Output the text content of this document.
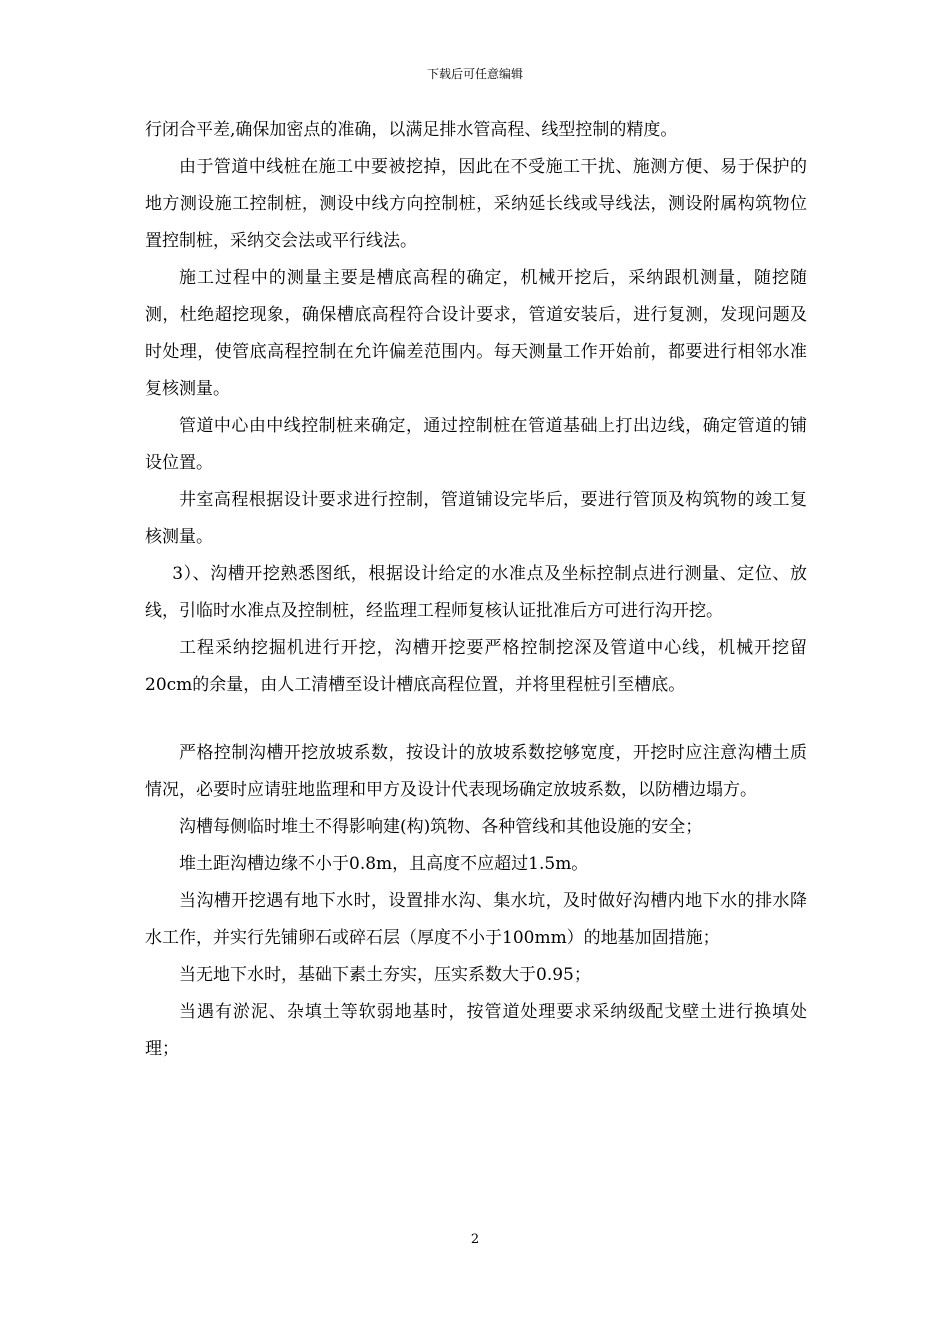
下载后可任意编辑

行闭合平差,确保加密点的准确，以满足排水管高程、线型控制的精度。

由于管道中线桩在施工中要被挖掉，因此在不受施工干扰、施测方便、易于保护的地方测设施工控制桩，测设中线方向控制桩，采纳延长线或导线法，测设附属构筑物位置控制桩，采纳交会法或平行线法。

施工过程中的测量主要是槽底高程的确定，机械开挖后，采纳跟机测量，随挖随测，杜绝超挖现象，确保槽底高程符合设计要求，管道安装后，进行复测，发现问题及时处理，使管底高程控制在允许偏差范围内。每天测量工作开始前，都要进行相邻水准复核测量。

管道中心由中线控制桩来确定，通过控制桩在管道基础上打出边线，确定管道的铺设位置。

井室高程根据设计要求进行控制，管道铺设完毕后，要进行管顶及构筑物的竣工复核测量。

3）、沟槽开挖熟悉图纸，根据设计给定的水准点及坐标控制点进行测量、定位、放线，引临时水准点及控制桩，经监理工程师复核认证批准后方可进行沟开挖。

工程采纳挖掘机进行开挖，沟槽开挖要严格控制挖深及管道中心线，机械开挖留20cm的余量，由人工清槽至设计槽底高程位置，并将里程桩引至槽底。

严格控制沟槽开挖放坡系数，按设计的放坡系数挖够宽度，开挖时应注意沟槽土质情况，必要时应请驻地监理和甲方及设计代表现场确定放坡系数，以防槽边塌方。

沟槽每侧临时堆土不得影响建(构)筑物、各种管线和其他设施的安全；

堆土距沟槽边缘不小于0.8m，且高度不应超过1.5m。

当沟槽开挖遇有地下水时，设置排水沟、集水坑，及时做好沟槽内地下水的排水降水工作，并实行先铺卵石或碎石层（厚度不小于100mm）的地基加固措施；

当无地下水时，基础下素土夯实，压实系数大于0.95；

当遇有淤泥、杂填土等软弱地基时，按管道处理要求采纳级配戈壁土进行换填处理；

2
